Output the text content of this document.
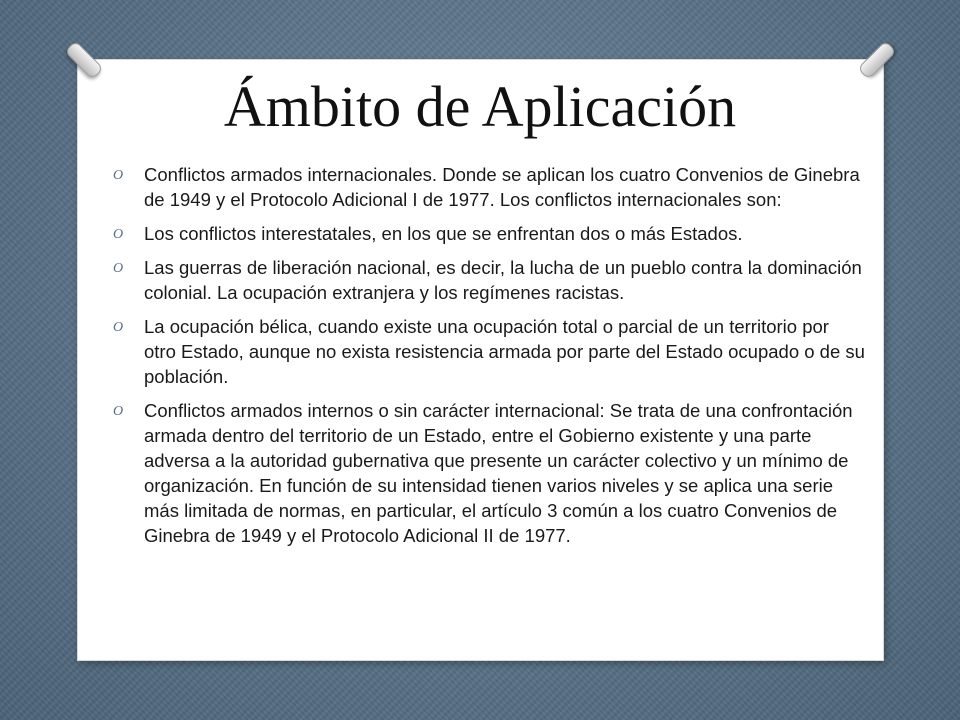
Ámbito de Aplicación
O Conflictos armados internacionales. Donde se aplican los cuatro Convenios de Ginebra de 1949 y el Protocolo Adicional I de 1977. Los conflictos internacionales son:
O Los conflictos interestatales, en los que se enfrentan dos o más Estados.
O Las guerras de liberación nacional, es decir, la lucha de un pueblo contra la dominación colonial. La ocupación extranjera y los regímenes racistas.
O La ocupación bélica, cuando existe una ocupación total o parcial de un territorio por otro Estado, aunque no exista resistencia armada por parte del Estado ocupado o de su población.
O Conflictos armados internos o sin carácter internacional: Se trata de una confrontación armada dentro del territorio de un Estado, entre el Gobierno existente y una parte adversa a la autoridad gubernativa que presente un carácter colectivo y un mínimo de organización. En función de su intensidad tienen varios niveles y se aplica una serie más limitada de normas, en particular, el artículo 3 común a los cuatro Convenios de Ginebra de 1949 y el Protocolo Adicional II de 1977.
